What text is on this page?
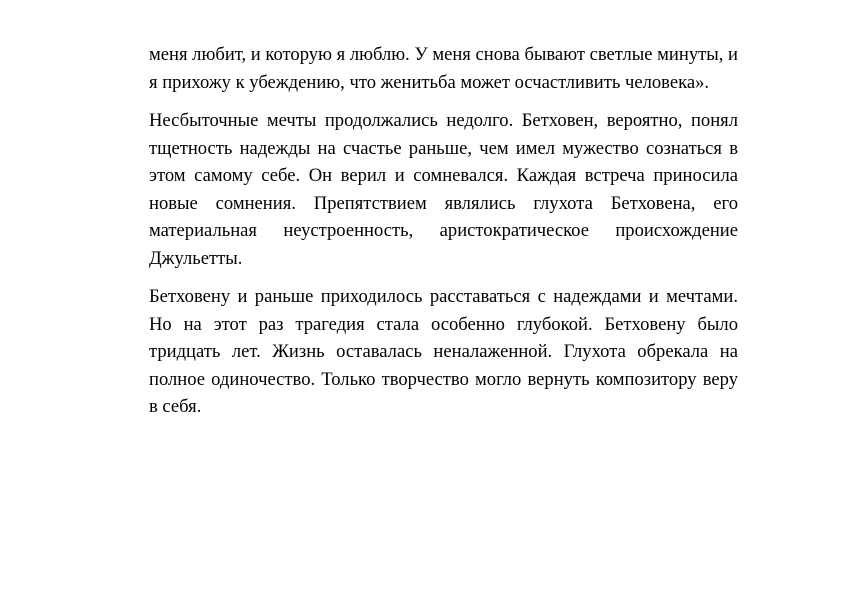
меня любит, и которую я люблю. У меня снова бывают светлые минуты, и я прихожу к убеждению, что женитьба может осчастливить человека».

Несбыточные мечты продолжались недолго. Бетховен, вероятно, понял тщетность надежды на счастье раньше, чем имел мужество сознаться в этом самому себе. Он верил и сомневался. Каждая встреча приносила новые сомнения. Препятствием являлись глухота Бетховена, его материальная неустроенность, аристократическое происхождение Джульетты.

Бетховену и раньше приходилось расставаться с надеждами и мечтами. Но на этот раз трагедия стала особенно глубокой. Бетховену было тридцать лет. Жизнь оставалась неналаженной. Глухота обрекала на полное одиночество. Только творчество могло вернуть композитору веру в себя.
